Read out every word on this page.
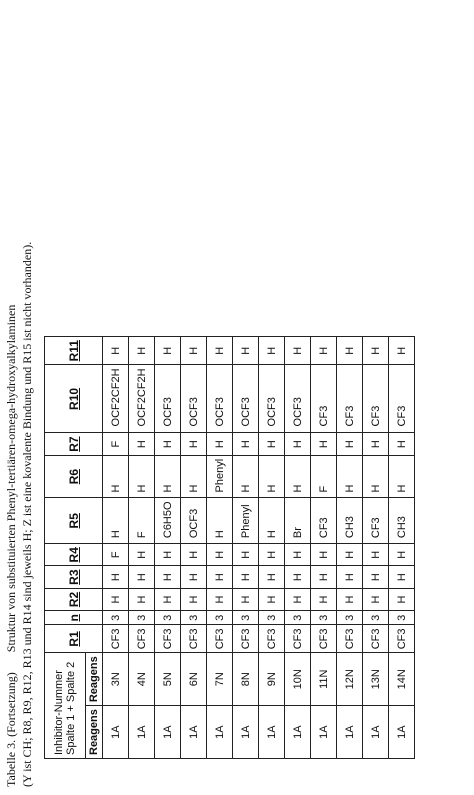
Tabelle 3. (Fortsetzung)Struktur von substituierten Phenyl-tertiären-omega-hydroxyalkylaminen (Y ist CH; R8, R9, R12, R13 und R14 sind jeweils H; Z ist eine kovalente Bindung und R15 ist nicht vorhanden). Inhibitor-Nummer Spalte 1 + Spalte 2		R1	n	R2	R3	R4	R5	R6	R7	R10	R11
Reagens	Reagens										
1A	3N	CF3	3	H	H	F	H	H	F	OCF2CF2H	H
1A	4N	CF3	3	H	H	H	F	H	H	OCF2CF2H	H
1A	5N	CF3	3	H	H	H	C6H5O	H	H	OCF3	H
1A	6N	CF3	3	H	H	H	OCF3	H	H	OCF3	H
1A	7N	CF3	3	H	H	H	H	Phenyl	H	OCF3	H
1A	8N	CF3	3	H	H	H	Phenyl	H	H	OCF3	H
1A	9N	CF3	3	H	H	H	H	H	H	OCF3	H
1A	10N	CF3	3	H	H	H	Br	H	H	OCF3	H
1A	11N	CF3	3	H	H	H	CF3	F	H	CF3	H
1A	12N	CF3	3	H	H	H	CH3	H	H	CF3	H
1A	13N	CF3	3	H	H	H	CF3	H	H	CF3	H
1A	14N	CF3	3	H	H	H	CH3	H	H	CF3	H
